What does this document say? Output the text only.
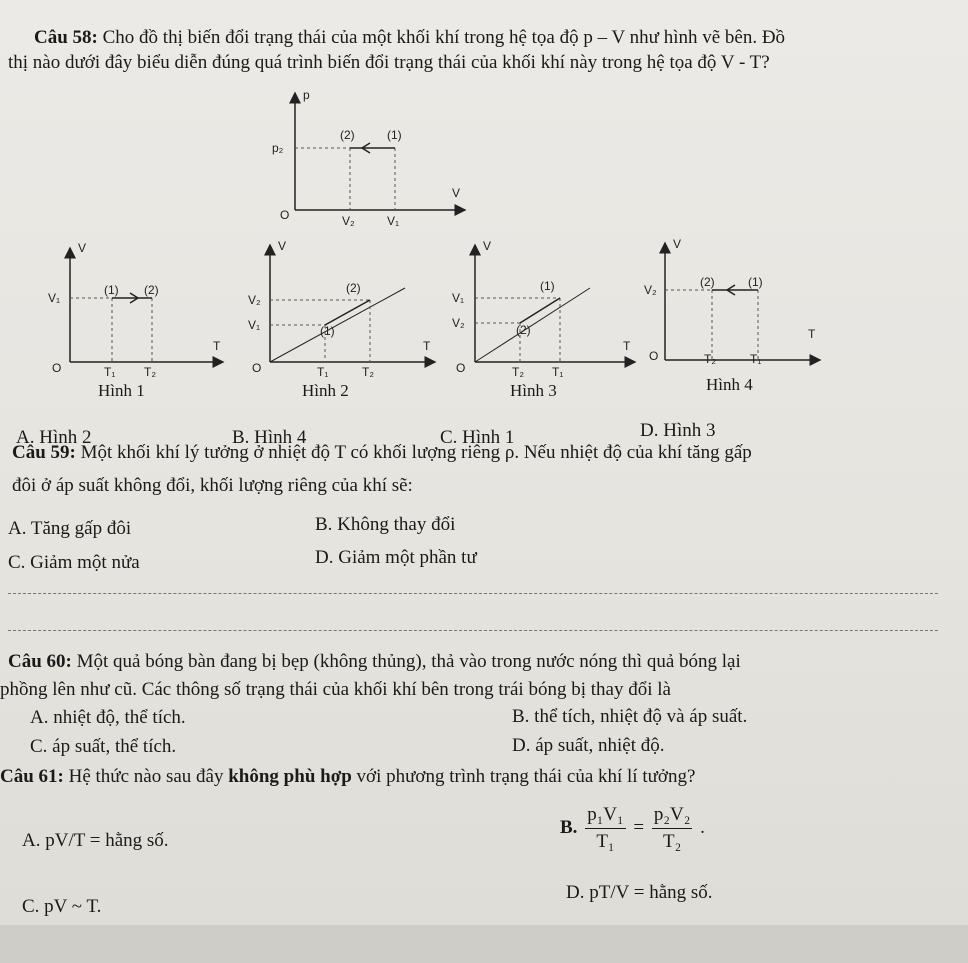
Câu 58: Cho đồ thị biến đổi trạng thái của một khối khí trong hệ tọa độ p – V như hình vẽ bên. Đồ
thị nào dưới đây biểu diễn đúng quá trình biến đổi trạng thái của khối khí này trong hệ tọa độ V - T?
p
V
O
p₂
V₂	V₁
(2)	(1)
V
T
O
V₁
T₁ T₂
(1) (2)
Hình 1
V
T
O
V₂
V₁
T₁	T₂
(2)
(1)
Hình 2
V
T
O
V₁
V₂
T₂ T₁
(1)
(2)
Hình 3
V
T
O
V₂
T₂	T₁
(2)	(1)
Hình 4
A. Hình 2	B. Hình 4	C. Hình 1	D. Hình 3
Câu 59: Một khối khí lý tưởng ở nhiệt độ T có khối lượng riêng ρ. Nếu nhiệt độ của khí tăng gấp
đôi ở áp suất không đổi, khối lượng riêng của khí sẽ:
A. Tăng gấp đôi	B. Không thay đổi
C. Giảm một nửa	D. Giảm một phần tư
Câu 60: Một quả bóng bàn đang bị bẹp (không thủng), thả vào trong nước nóng thì quả bóng lại
phồng lên như cũ. Các thông số trạng thái của khối khí bên trong trái bóng bị thay đổi là
A. nhiệt độ, thể tích.	B. thể tích, nhiệt độ và áp suất.
C. áp suất, thể tích.	D. áp suất, nhiệt độ.
Câu 61: Hệ thức nào sau đây không phù hợp với phương trình trạng thái của khí lí tưởng?
A. pV/T = hằng số.
B. $\frac{\text{p₁V₁}}{\text{T₁}} = \frac{\text{p₂V₂}}{\text{T₂}}$ .
C. pV ~ T.
D. pT/V = hằng số.
